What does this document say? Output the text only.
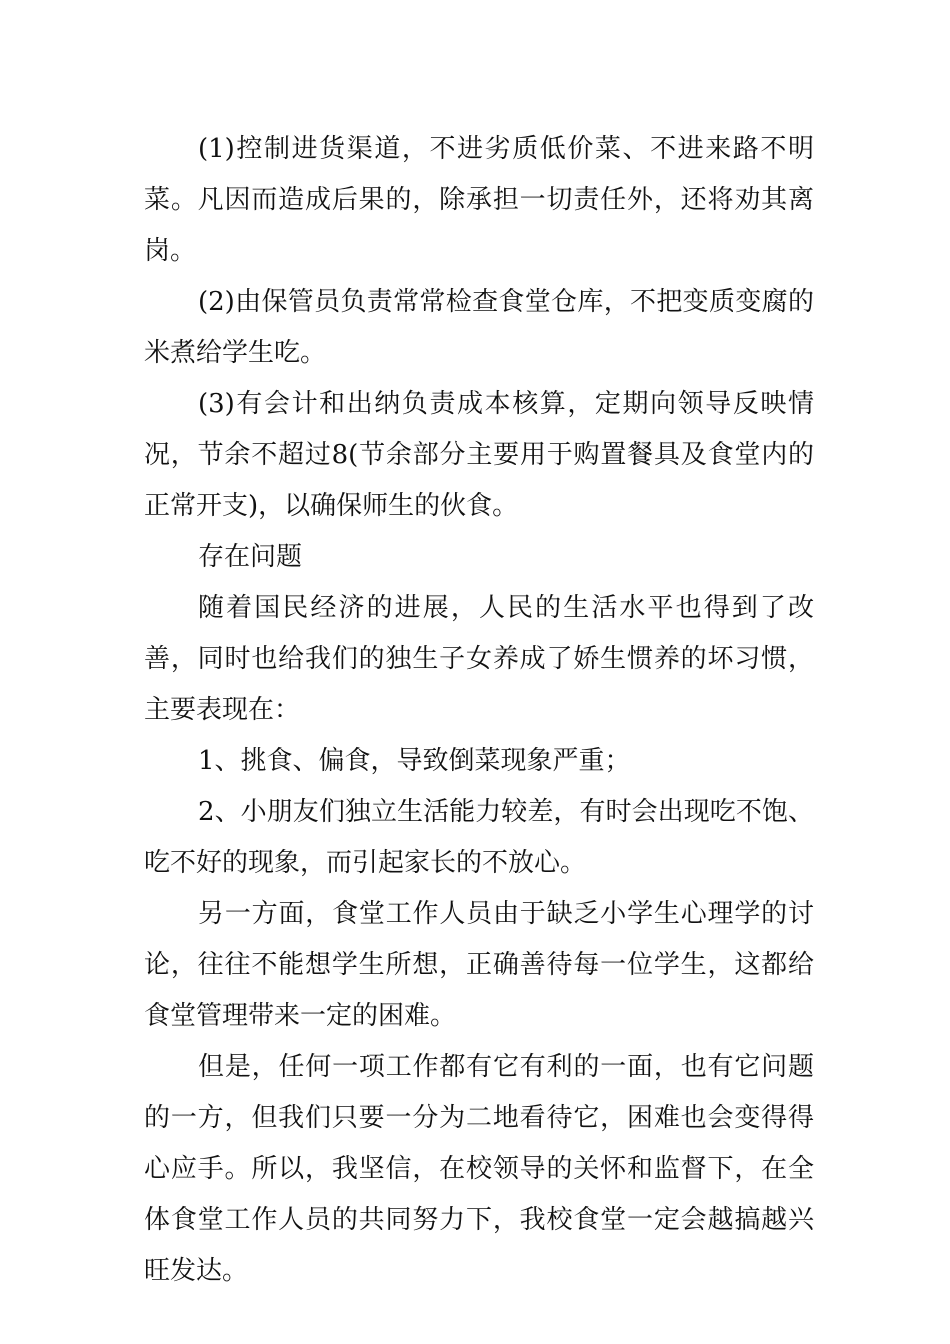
(1)控制进货渠道，不进劣质低价菜、不进来路不明菜。凡因而造成后果的，除承担一切责任外，还将劝其离岗。

(2)由保管员负责常常检查食堂仓库，不把变质变腐的米煮给学生吃。

(3)有会计和出纳负责成本核算，定期向领导反映情况，节余不超过8(节余部分主要用于购置餐具及食堂内的正常开支)，以确保师生的伙食。

存在问题

随着国民经济的进展，人民的生活水平也得到了改善，同时也给我们的独生子女养成了娇生惯养的坏习惯，主要表现在：

1、挑食、偏食，导致倒菜现象严重；

2、小朋友们独立生活能力较差，有时会出现吃不饱、吃不好的现象，而引起家长的不放心。

另一方面，食堂工作人员由于缺乏小学生心理学的讨论，往往不能想学生所想，正确善待每一位学生，这都给食堂管理带来一定的困难。

但是，任何一项工作都有它有利的一面，也有它问题的一方，但我们只要一分为二地看待它，困难也会变得得心应手。所以，我坚信，在校领导的关怀和监督下，在全体食堂工作人员的共同努力下，我校食堂一定会越搞越兴旺发达。
